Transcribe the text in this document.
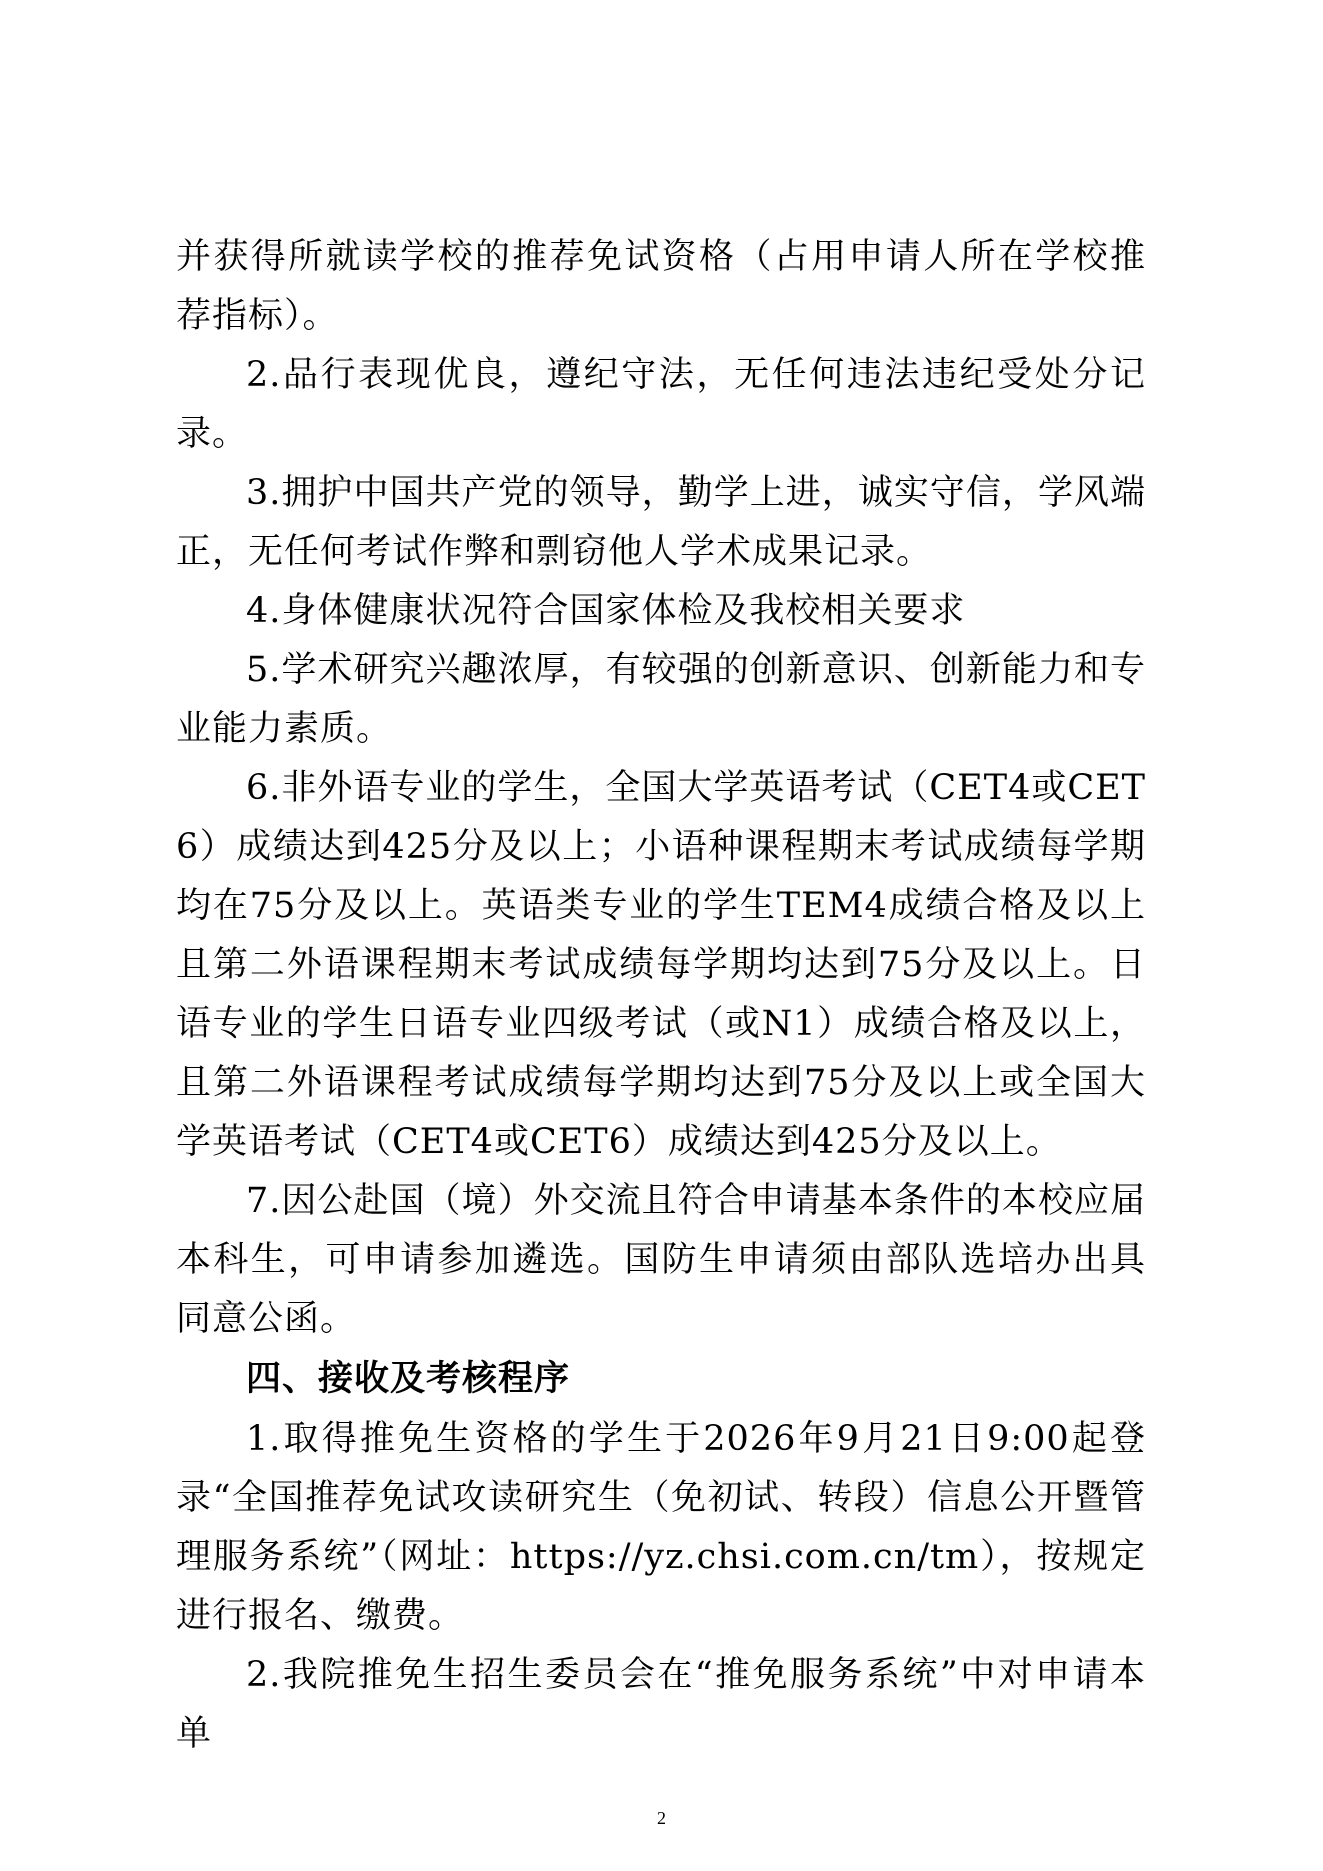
并获得所就读学校的推荐免试资格（占用申请人所在学校推荐指标）。

2.品行表现优良，遵纪守法，无任何违法违纪受处分记录。

3.拥护中国共产党的领导，勤学上进，诚实守信，学风端正，无任何考试作弊和剽窃他人学术成果记录。

4.身体健康状况符合国家体检及我校相关要求

5.学术研究兴趣浓厚，有较强的创新意识、创新能力和专业能力素质。

6.非外语专业的学生，全国大学英语考试（CET4或CET6）成绩达到425分及以上；小语种课程期末考试成绩每学期均在75分及以上。英语类专业的学生TEM4成绩合格及以上且第二外语课程期末考试成绩每学期均达到75分及以上。日语专业的学生日语专业四级考试（或N1）成绩合格及以上，且第二外语课程考试成绩每学期均达到75分及以上或全国大学英语考试（CET4或CET6）成绩达到425分及以上。

7.因公赴国（境）外交流且符合申请基本条件的本校应届本科生，可申请参加遴选。国防生申请须由部队选培办出具同意公函。

四、接收及考核程序

1.取得推免生资格的学生于2026年9月21日9:00起登录“全国推荐免试攻读研究生（免初试、转段）信息公开暨管理服务系统”（网址：https://yz.chsi.com.cn/tm），按规定进行报名、缴费。

2.我院推免生招生委员会在“推免服务系统”中对申请本单

2
